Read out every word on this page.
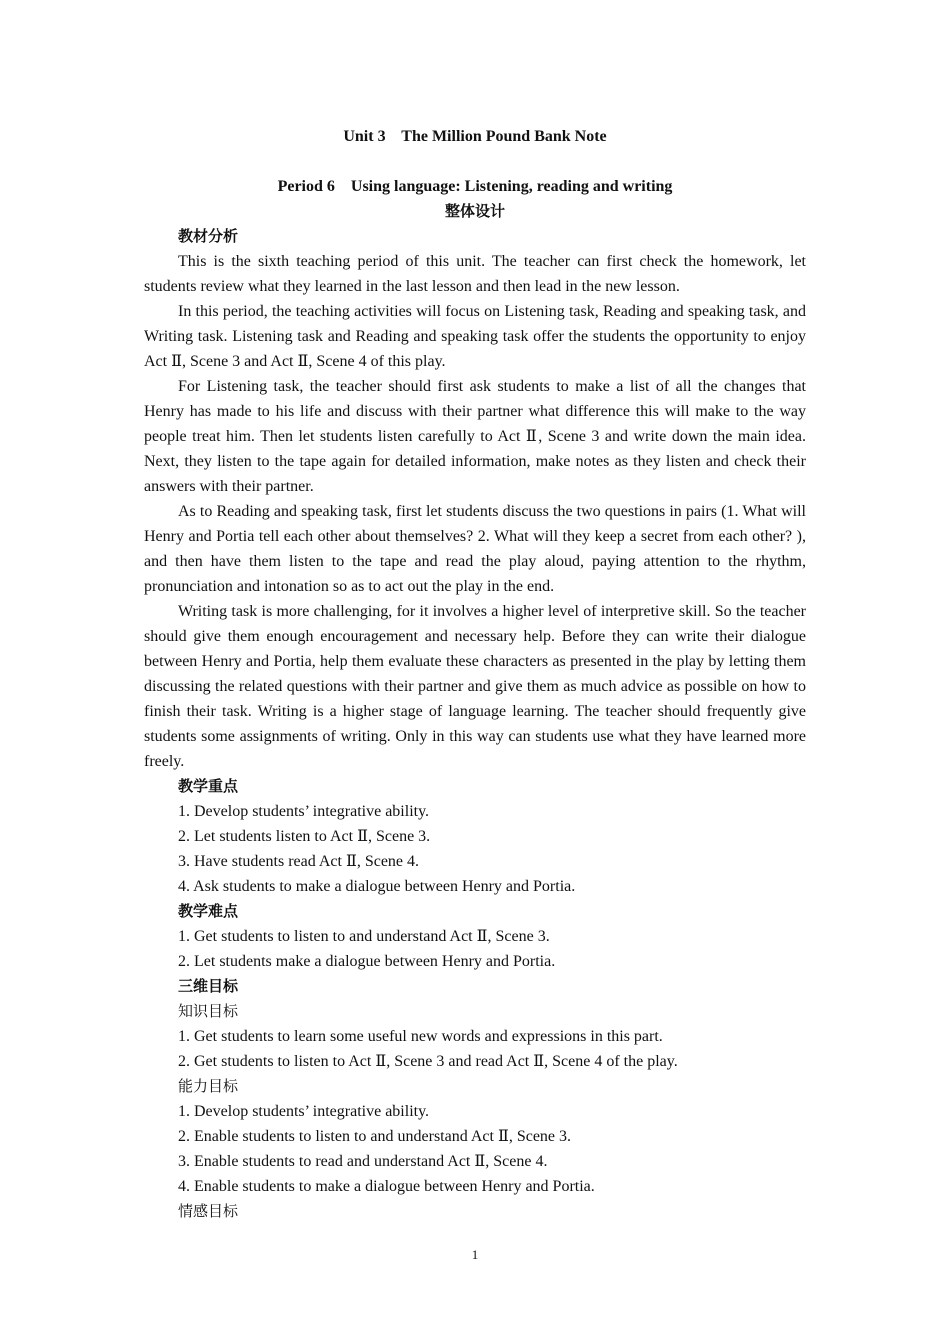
Unit 3    The Million Pound Bank Note
Period 6    Using language: Listening, reading and writing
整体设计
教材分析

This is the sixth teaching period of this unit. The teacher can first check the homework, let students review what they learned in the last lesson and then lead in the new lesson.

In this period, the teaching activities will focus on Listening task, Reading and speaking task, and Writing task. Listening task and Reading and speaking task offer the students the opportunity to enjoy Act Ⅱ, Scene 3 and Act Ⅱ, Scene 4 of this play.

For Listening task, the teacher should first ask students to make a list of all the changes that Henry has made to his life and discuss with their partner what difference this will make to the way people treat him. Then let students listen carefully to Act Ⅱ, Scene 3 and write down the main idea. Next, they listen to the tape again for detailed information, make notes as they listen and check their answers with their partner.

As to Reading and speaking task, first let students discuss the two questions in pairs (1. What will Henry and Portia tell each other about themselves? 2. What will they keep a secret from each other? ), and then have them listen to the tape and read the play aloud, paying attention to the rhythm, pronunciation and intonation so as to act out the play in the end.

Writing task is more challenging, for it involves a higher level of interpretive skill. So the teacher should give them enough encouragement and necessary help. Before they can write their dialogue between Henry and Portia, help them evaluate these characters as presented in the play by letting them discussing the related questions with their partner and give them as much advice as possible on how to finish their task. Writing is a higher stage of language learning. The teacher should frequently give students some assignments of writing. Only in this way can students use what they have learned more freely.

教学重点
1. Develop students’ integrative ability.
2. Let students listen to Act Ⅱ, Scene 3.
3. Have students read Act Ⅱ, Scene 4.
4. Ask students to make a dialogue between Henry and Portia.
教学难点
1. Get students to listen to and understand Act Ⅱ, Scene 3.
2. Let students make a dialogue between Henry and Portia.
三维目标
知识目标
1. Get students to learn some useful new words and expressions in this part.
2. Get students to listen to Act Ⅱ, Scene 3 and read Act Ⅱ, Scene 4 of the play.
能力目标
1. Develop students’ integrative ability.
2. Enable students to listen to and understand Act Ⅱ, Scene 3.
3. Enable students to read and understand Act Ⅱ, Scene 4.
4. Enable students to make a dialogue between Henry and Portia.
情感目标
1
